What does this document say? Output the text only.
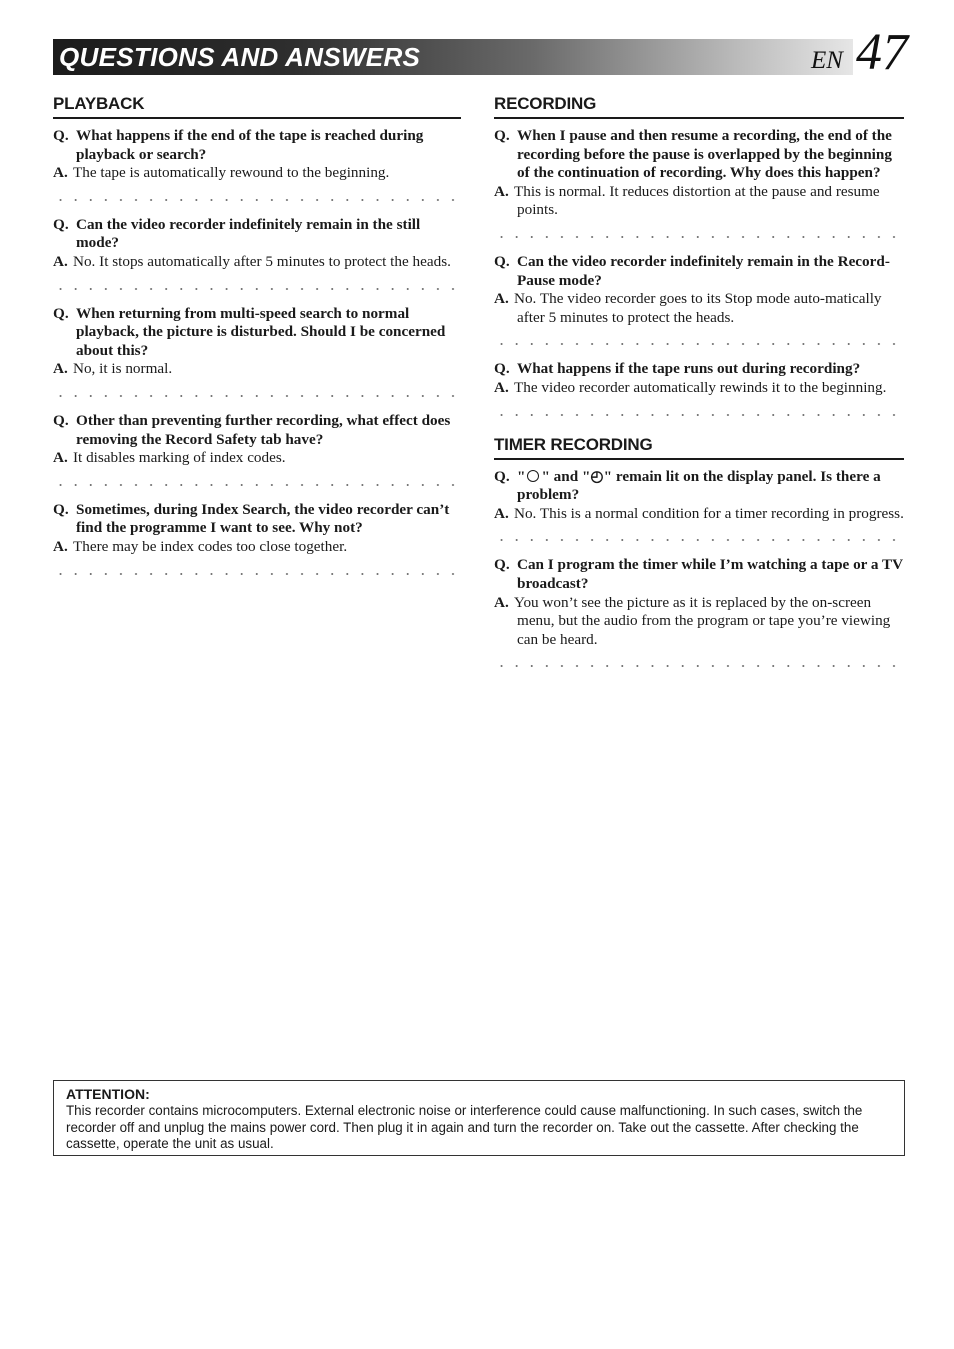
QUESTIONS AND ANSWERS	EN 47
PLAYBACK

Q. What happens if the end of the tape is reached during playback or search?

A. The tape is automatically rewound to the beginning.

Q. Can the video recorder indefinitely remain in the still mode?

A. No. It stops automatically after 5 minutes to protect the heads.

Q. When returning from multi-speed search to normal playback, the picture is disturbed. Should I be concerned about this?

A. No, it is normal.

Q. Other than preventing further recording, what effect does removing the Record Safety tab have?

A. It disables marking of index codes.

Q. Sometimes, during Index Search, the video recorder can’t find the programme I want to see. Why not?

A. There may be index codes too close together.

RECORDING

Q. When I pause and then resume a recording, the end of the recording before the pause is overlapped by the beginning of the continuation of recording. Why does this happen?

A. This is normal. It reduces distortion at the pause and resume points.

Q. Can the video recorder indefinitely remain in the Record-Pause mode?

A. No. The video recorder goes to its Stop mode auto-matically after 5 minutes to protect the heads.

Q. What happens if the tape runs out during recording?

A. The video recorder automatically rewinds it to the beginning.

TIMER RECORDING

Q. " " and "◴" remain lit on the display panel. Is there a problem?

A. No. This is a normal condition for a timer recording in progress.

Q. Can I program the timer while I’m watching a tape or a TV broadcast?

A. You won’t see the picture as it is replaced by the on-screen menu, but the audio from the program or tape you’re viewing can be heard.

ATTENTION:
This recorder contains microcomputers. External electronic noise or interference could cause malfunctioning. In such cases, switch the recorder off and unplug the mains power cord. Then plug it in again and turn the recorder on. Take out the cassette. After checking the cassette, operate the unit as usual.
